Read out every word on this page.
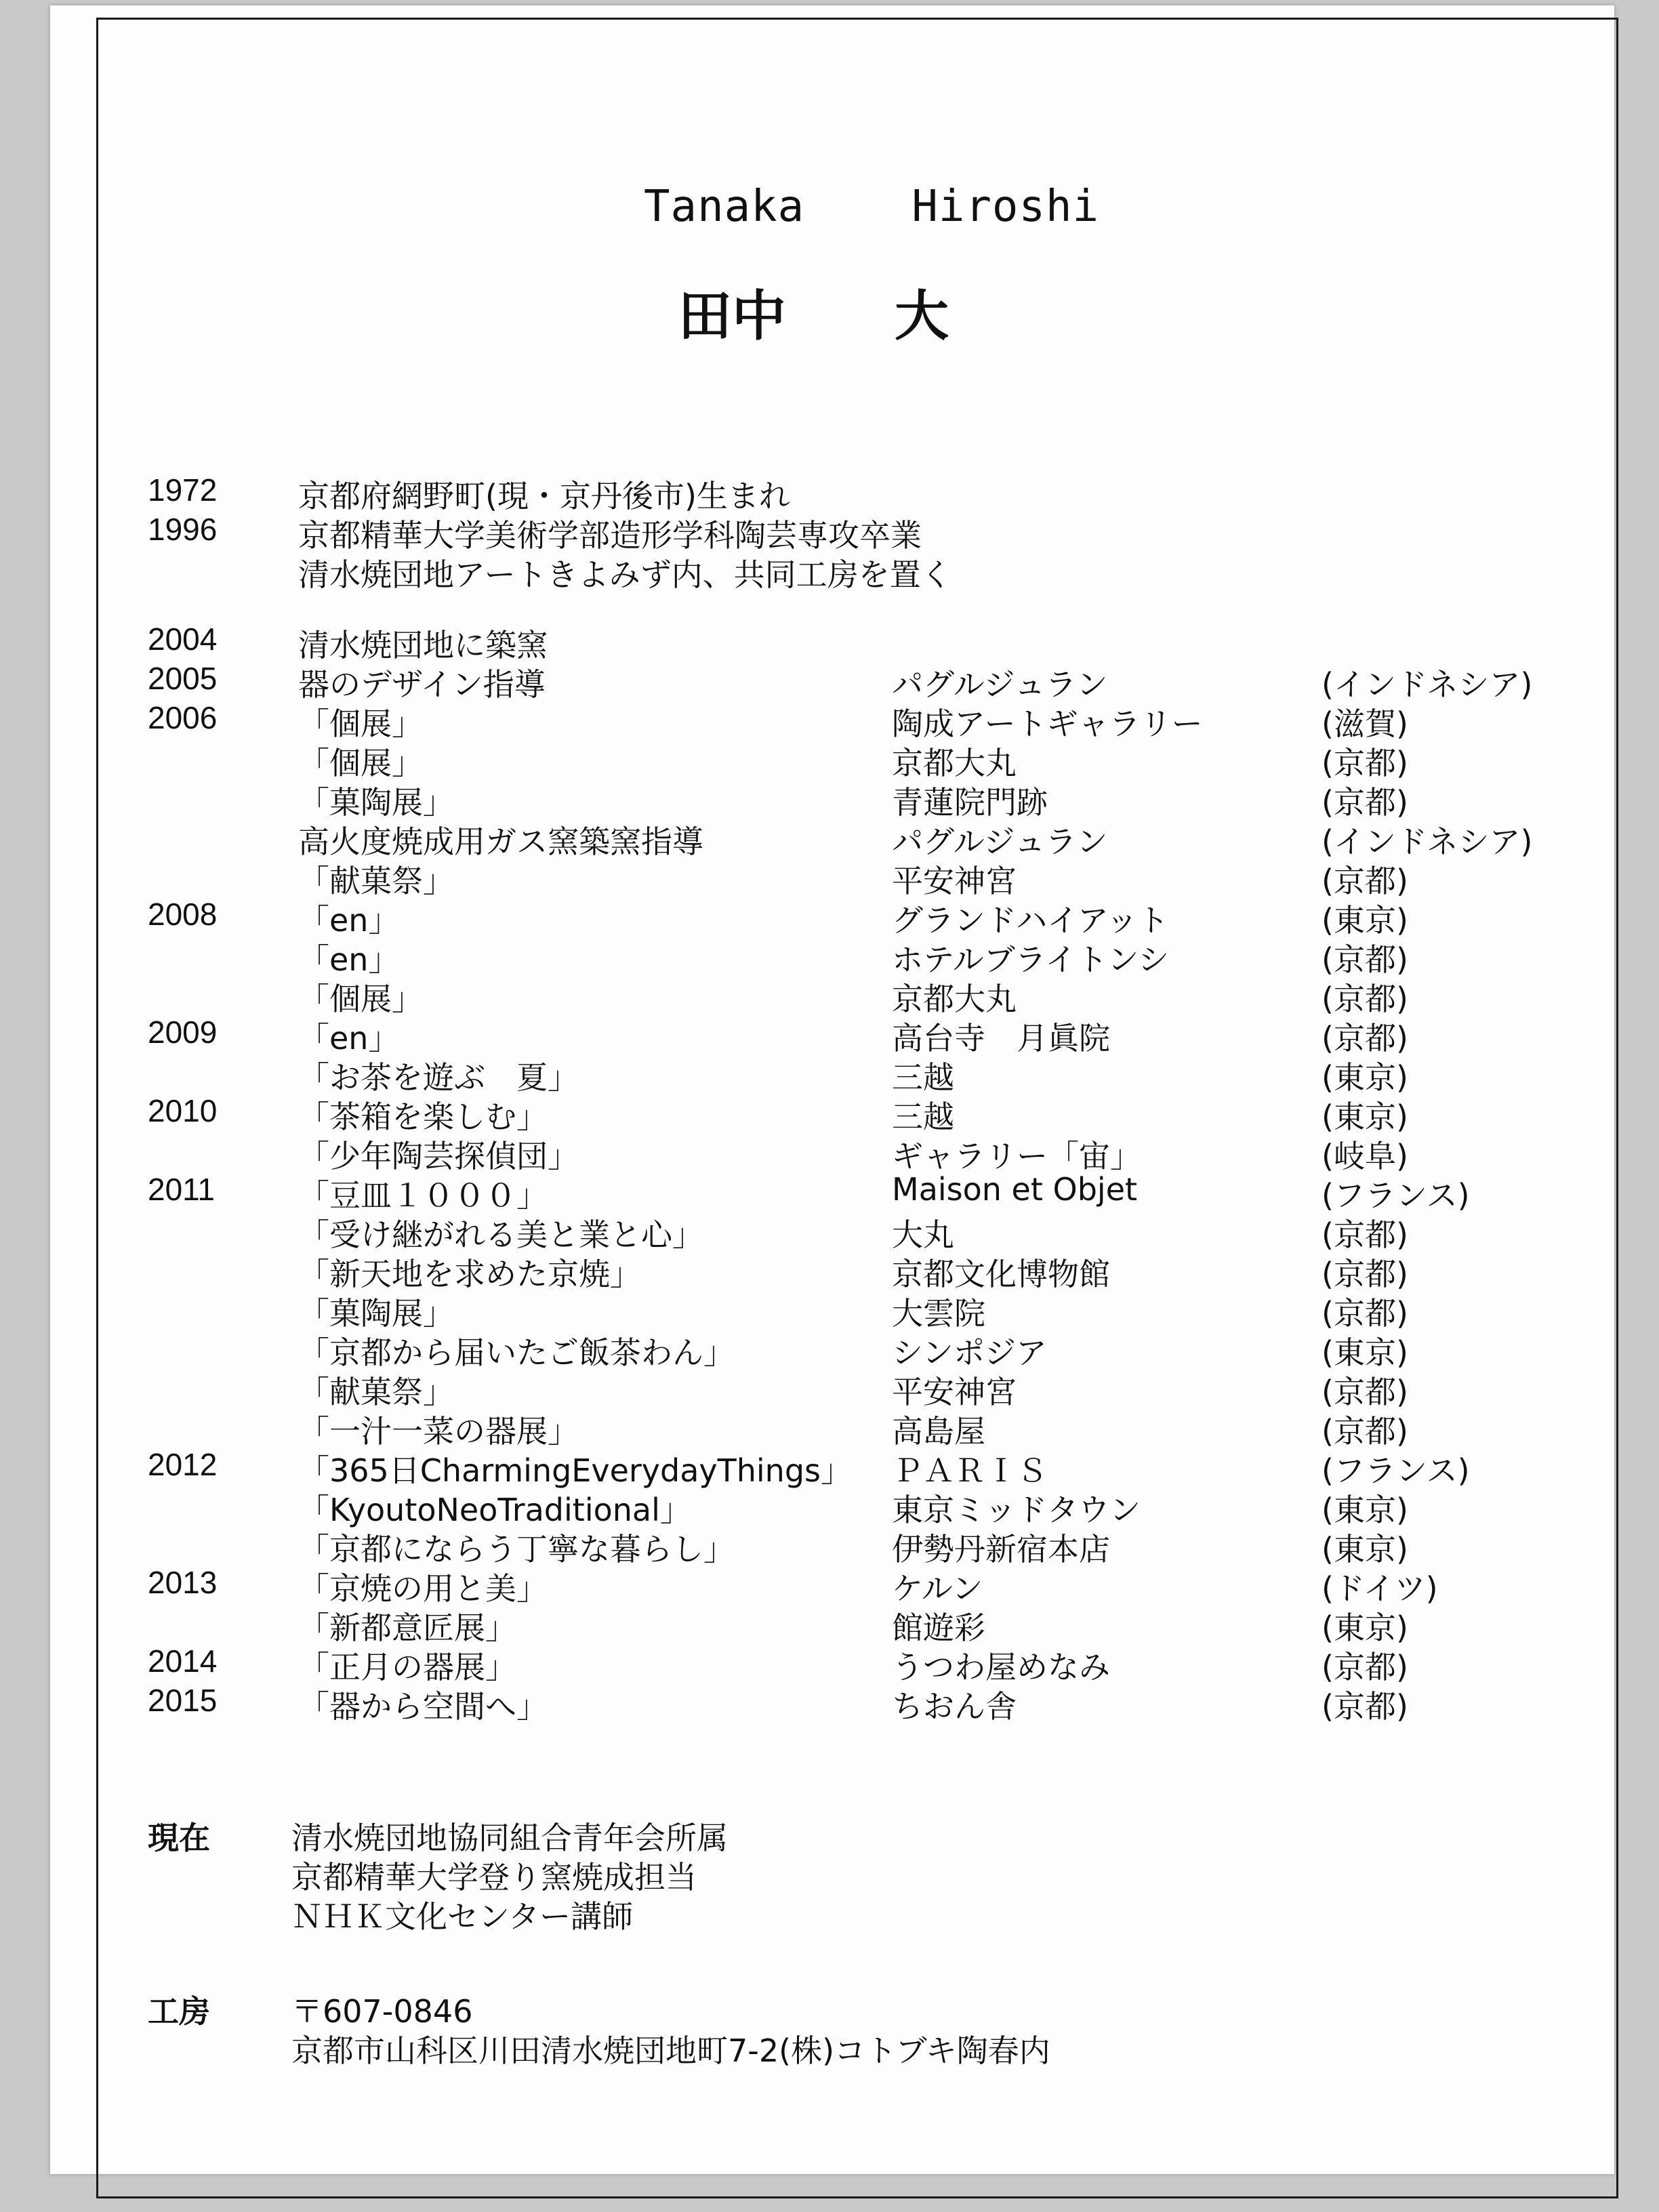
Tanaka    Hiroshi
田中　　大
1972	京都府網野町(現・京丹後市)生まれ
1996	京都精華大学美術学部造形学科陶芸専攻卒業
清水焼団地アートきよみず内、共同工房を置く
2004	清水焼団地に築窯
2005	器のデザイン指導	パグルジュラン	(インドネシア)
2006	「個展」	陶成アートギャラリー	(滋賀)
「個展」	京都大丸	(京都)
「菓陶展」	青蓮院門跡	(京都)
高火度焼成用ガス窯築窯指導	パグルジュラン	(インドネシア)
「献菓祭」	平安神宮	(京都)
2008	「en」	グランドハイアット	(東京)
「en」	ホテルブライトンシ	(京都)
「個展」	京都大丸	(京都)
2009	「en」	高台寺　月眞院	(京都)
「お茶を遊ぶ　夏」	三越	(東京)
2010	「茶箱を楽しむ」	三越	(東京)
「少年陶芸探偵団」	ギャラリー「宙」	(岐阜)
2011	「豆皿１０００」	Maison et Objet	(フランス)
「受け継がれる美と業と心」	大丸	(京都)
「新天地を求めた京焼」	京都文化博物館	(京都)
「菓陶展」	大雲院	(京都)
「京都から届いたご飯茶わん」	シンポジア	(東京)
「献菓祭」	平安神宮	(京都)
「一汁一菜の器展」	高島屋	(京都)
2012	「365日CharmingEverydayThings」 ＰＡＲＩＳ	(フランス)
「KyoutoNeoTraditional」	東京ミッドタウン	(東京)
「京都にならう丁寧な暮らし」	伊勢丹新宿本店	(東京)
2013	「京焼の用と美」	ケルン	(ドイツ)
「新都意匠展」	館遊彩	(東京)
2014	「正月の器展」	うつわ屋めなみ	(京都)
2015	「器から空間へ」	ちおん舎	(京都)
現在	清水焼団地協同組合青年会所属
京都精華大学登り窯焼成担当
ＮＨＫ文化センター講師
工房	〒607-0846
京都市山科区川田清水焼団地町7-2(株)コトブキ陶春内
